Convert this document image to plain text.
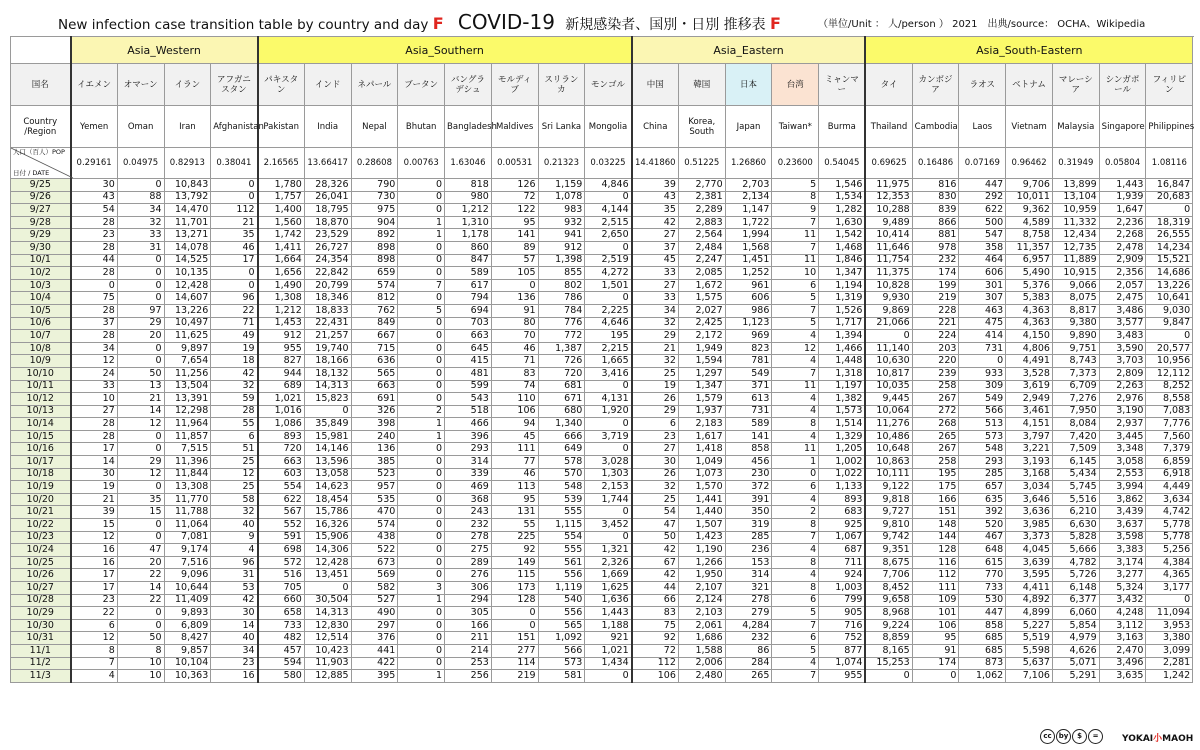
New infection case transition table by country and day F COVID-19 新規感染者、国別・日別 推移表 F	（単位/Unit ： 人/person ） 2021　出典/source： OCHA、Wikipedia
	Asia_Western				Asia_Southern								Asia_Eastern					Asia_South-Eastern						
国名	イエメン	オマーン	イラン	アフガニスタン	パキスタン	インド	ネパール	ブータン	バングラデシュ	モルディブ	スリランカ	モンゴル	中国	韓国	日本	台湾	ミャンマー	タイ	カンボジア	ラオス	ベトナム	マレーシア	シンガポール	フィリピン
Country /Region	Yemen	Oman	Iran	Afghanistan	Pakistan	India	Nepal	Bhutan	Bangladesh	Maldives	Sri Lanka	Mongolia	China	Korea, South	Japan	Taiwan*	Burma	Thailand	Cambodia	Laos	Vietnam	Malaysia	Singapore	Philippines

人口（百人）POP
日付 / DATE	0.29161	0.04975	0.82913	0.38041	2.16565	13.66417	0.28608	0.00763	1.63046	0.00531	0.21323	0.03225	14.41860	0.51225	1.26860	0.23600	0.54045	0.69625	0.16486	0.07169	0.96462	0.31949	0.05804	1.08116
9/25	30	0	10,843	0	1,780	28,326	790	0	818	126	1,159	4,846	39	2,770	2,703	5	1,546	11,975	816	447	9,706	13,899	1,443	16,847
9/26	43	88	13,792	0	1,757	26,041	730	0	980	72	1,078	0	43	2,381	2,134	8	1,534	12,353	830	292	10,011	13,104	1,939	20,683
9/27	54	34	14,470	112	1,400	18,795	975	0	1,212	122	983	4,144	35	2,289	1,147	9	1,282	10,288	839	622	9,362	10,959	1,647	0
9/28	28	32	11,701	21	1,560	18,870	904	1	1,310	95	932	2,515	42	2,883	1,722	7	1,630	9,489	866	500	4,589	11,332	2,236	18,319
9/29	23	33	13,271	35	1,742	23,529	892	1	1,178	141	941	2,650	27	2,564	1,994	11	1,542	10,414	881	547	8,758	12,434	2,268	26,555
9/30	28	31	14,078	46	1,411	26,727	898	0	860	89	912	0	37	2,484	1,568	7	1,468	11,646	978	358	11,357	12,735	2,478	14,234
10/1	44	0	14,525	17	1,664	24,354	898	0	847	57	1,398	2,519	45	2,247	1,451	11	1,846	11,754	232	464	6,957	11,889	2,909	15,521
10/2	28	0	10,135	0	1,656	22,842	659	0	589	105	855	4,272	33	2,085	1,252	10	1,347	11,375	174	606	5,490	10,915	2,356	14,686
10/3	0	0	12,428	0	1,490	20,799	574	7	617	0	802	1,501	27	1,672	961	6	1,194	10,828	199	301	5,376	9,066	2,057	13,226
10/4	75	0	14,607	96	1,308	18,346	812	0	794	136	786	0	33	1,575	606	5	1,319	9,930	219	307	5,383	8,075	2,475	10,641
10/5	28	97	13,226	22	1,212	18,833	762	5	694	91	784	2,225	34	2,027	986	7	1,526	9,869	228	463	4,363	8,817	3,486	9,030
10/6	37	29	10,497	71	1,453	22,431	849	0	703	80	776	4,646	32	2,425	1,123	5	1,717	21,066	221	475	4,363	9,380	3,577	9,847
10/7	28	20	11,625	49	912	21,257	667	0	663	70	772	195	29	2,172	969	4	1,394	0	224	414	4,150	9,890	3,483	0
10/8	34	0	9,897	19	955	19,740	715	0	645	46	1,387	2,215	21	1,949	823	12	1,466	11,140	203	731	4,806	9,751	3,590	20,577
10/9	12	0	7,654	18	827	18,166	636	0	415	71	726	1,665	32	1,594	781	4	1,448	10,630	220	0	4,491	8,743	3,703	10,956
10/10	24	50	11,256	42	944	18,132	565	0	481	83	720	3,416	25	1,297	549	7	1,318	10,817	239	933	3,528	7,373	2,809	12,112
10/11	33	13	13,504	32	689	14,313	663	0	599	74	681	0	19	1,347	371	11	1,197	10,035	258	309	3,619	6,709	2,263	8,252
10/12	10	21	13,391	59	1,021	15,823	691	0	543	110	671	4,131	26	1,579	613	4	1,382	9,445	267	549	2,949	7,276	2,976	8,558
10/13	27	14	12,298	28	1,016	0	326	2	518	106	680	1,920	29	1,937	731	4	1,573	10,064	272	566	3,461	7,950	3,190	7,083
10/14	28	12	11,964	55	1,086	35,849	398	1	466	94	1,340	0	6	2,183	589	8	1,514	11,276	268	513	4,151	8,084	2,937	7,776
10/15	28	0	11,857	6	893	15,981	240	1	396	45	666	3,719	23	1,617	141	4	1,329	10,486	265	573	3,797	7,420	3,445	7,560
10/16	17	0	7,515	51	720	14,146	136	0	293	111	649	0	27	1,418	858	11	1,205	10,648	267	548	3,221	7,509	3,348	7,379
10/17	14	29	11,396	25	663	13,596	385	0	314	77	578	3,028	30	1,049	456	1	1,002	10,863	258	293	3,193	6,145	3,058	6,859
10/18	30	12	11,844	12	603	13,058	523	0	339	46	570	1,303	26	1,073	230	0	1,022	10,111	195	285	3,168	5,434	2,553	6,918
10/19	19	0	13,308	25	554	14,623	957	0	469	113	548	2,153	32	1,570	372	6	1,133	9,122	175	657	3,034	5,745	3,994	4,449
10/20	21	35	11,770	58	622	18,454	535	0	368	95	539	1,744	25	1,441	391	4	893	9,818	166	635	3,646	5,516	3,862	3,634
10/21	39	15	11,788	32	567	15,786	470	0	243	131	555	0	54	1,440	350	2	683	9,727	151	392	3,636	6,210	3,439	4,742
10/22	15	0	11,064	40	552	16,326	574	0	232	55	1,115	3,452	47	1,507	319	8	925	9,810	148	520	3,985	6,630	3,637	5,778
10/23	12	0	7,081	9	591	15,906	438	0	278	225	554	0	50	1,423	285	7	1,067	9,742	144	467	3,373	5,828	3,598	5,778
10/24	16	47	9,174	4	698	14,306	522	0	275	92	555	1,321	42	1,190	236	4	687	9,351	128	648	4,045	5,666	3,383	5,256
10/25	16	20	7,516	96	572	12,428	673	0	289	149	561	2,326	67	1,266	153	8	711	8,675	116	615	3,639	4,782	3,174	4,384
10/26	17	22	9,096	31	516	13,451	569	0	276	115	556	1,669	42	1,950	314	4	924	7,706	112	770	3,595	5,726	3,277	4,365
10/27	17	14	10,644	53	705	0	582	3	306	173	1,119	1,625	44	2,107	321	8	1,003	8,452	111	733	4,411	6,148	5,324	3,177
10/28	23	22	11,409	42	660	30,504	527	1	294	128	540	1,636	66	2,124	278	6	799	9,658	109	530	4,892	6,377	3,432	0
10/29	22	0	9,893	30	658	14,313	490	0	305	0	556	1,443	83	2,103	279	5	905	8,968	101	447	4,899	6,060	4,248	11,094
10/30	6	0	6,809	14	733	12,830	297	0	166	0	565	1,188	75	2,061	4,284	7	716	9,224	106	858	5,227	5,854	3,112	3,953
10/31	12	50	8,427	40	482	12,514	376	0	211	151	1,092	921	92	1,686	232	6	752	8,859	95	685	5,519	4,979	3,163	3,380
11/1	8	8	9,857	34	457	10,423	441	0	214	277	566	1,021	72	1,588	86	5	877	8,165	91	685	5,598	4,626	2,470	3,099
11/2	7	10	10,104	23	594	11,903	422	0	253	114	573	1,434	112	2,006	284	4	1,074	15,253	174	873	5,637	5,071	3,496	2,281
11/3	4	10	10,363	16	580	12,885	395	1	256	219	581	0	106	2,480	265	7	955	0	0	1,062	7,106	5,291	3,635	1,242
cc	by	$	=	YOKAI小MAOH
